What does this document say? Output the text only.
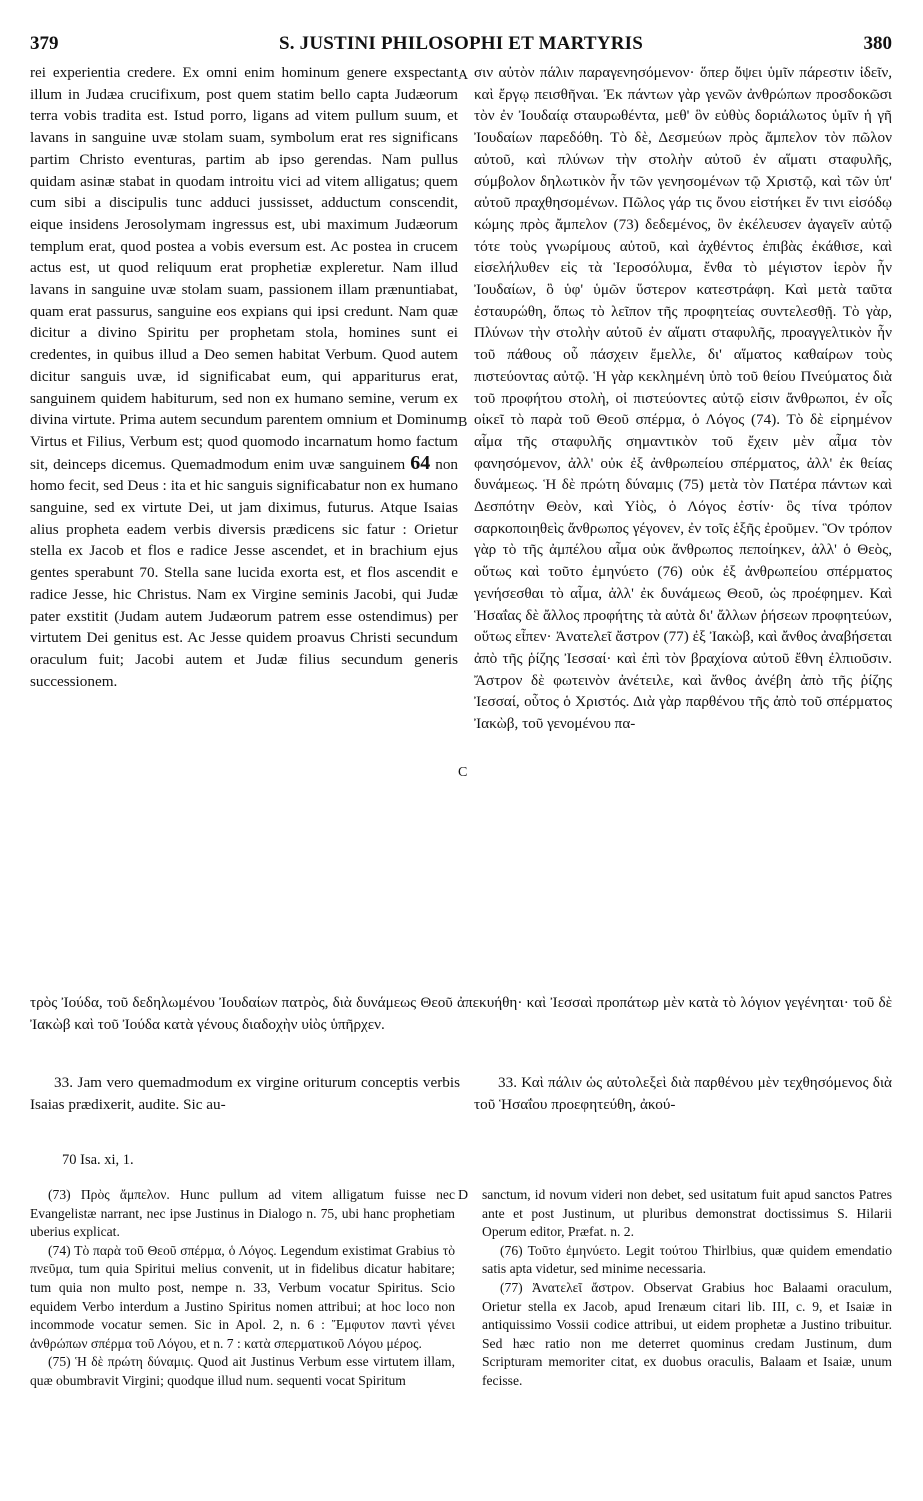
379	S. JUSTINI PHILOSOPHI ET MARTYRIS	380

rei experientia credere. Ex omni enim hominum genere exspectant illum in Judæa crucifixum, post quem statim bello capta Judæorum terra vobis tradita est. Istud porro, ligans ad vitem pullum suum, et lavans in sanguine uvæ stolam suam, symbolum erat res significans partim Christo eventuras, partim ab ipso gerendas. Nam pullus quidam asinæ stabat in quodam introitu vici ad vitem alligatus; quem cum sibi a discipulis tunc adduci jussisset, adductum conscendit, eique insidens Jerosolymam ingressus est, ubi maximum Judæorum templum erat, quod postea a vobis eversum est. Ac postea in crucem actus est, ut quod reliquum erat prophetiæ expleretur. Nam illud lavans in sanguine uvæ stolam suam, passionem illam prænuntiabat, quam erat passurus, sanguine eos expians qui ipsi credunt. Nam quæ dicitur a divino Spiritu per prophetam stola, homines sunt ei credentes, in quibus illud a Deo semen habitat Verbum. Quod autem dicitur sanguis uvæ, id significabat eum, qui appariturus erat, sanguinem quidem habiturum, sed non ex humano semine, verum ex divina virtute. Prima autem secundum parentem omnium et Dominum Virtus et Filius, Verbum est; quod quomodo incarnatum homo factum sit, deinceps dicemus. Quemadmodum enim uvæ sanguinem 64 non homo fecit, sed Deus : ita et hic sanguis significabatur non ex humano sanguine, sed ex virtute Dei, ut jam diximus, futurus. Atque Isaias alius propheta eadem verbis diversis prædicens sic fatur : Orietur stella ex Jacob et flos e radice Jesse ascendet, et in brachium ejus gentes sperabunt 70. Stella sane lucida exorta est, et flos ascendit e radice Jesse, hic Christus. Nam ex Virgine seminis Jacobi, qui Judæ pater exstitit (Judam autem Judæorum patrem esse ostendimus) per virtutem Dei genitus est. Ac Jesse quidem proavus Christi secundum oraculum fuit; Jacobi autem et Judæ filius secundum generis successionem.

A
B
C
D

σιν αὐτὸν πάλιν παραγενησόμενον· ὅπερ ὄψει ὑμῖν πάρεστιν ἰδεῖν, καὶ ἔργῳ πεισθῆναι. Ἐκ πάντων γὰρ γενῶν ἀνθρώπων προσδοκῶσι τὸν ἐν Ἰουδαίᾳ σταυρωθέντα, μεθ' ὃν εὐθὺς δοριάλωτος ὑμῖν ἡ γῆ Ἰουδαίων παρεδόθη. Τὸ δὲ, Δεσμεύων πρὸς ἄμπελον τὸν πῶλον αὐτοῦ, καὶ πλύνων τὴν στολὴν αὐτοῦ ἐν αἵματι σταφυλῆς, σύμβολον δηλωτικὸν ἦν τῶν γενησομένων τῷ Χριστῷ, καὶ τῶν ὑπ' αὐτοῦ πραχθησομένων. Πῶλος γάρ τις ὄνου εἱστήκει ἔν τινι εἰσόδῳ κώμης πρὸς ἄμπελον (73) δεδεμένος, ὃν ἐκέλευσεν ἀγαγεῖν αὐτῷ τότε τοὺς γνωρίμους αὐτοῦ, καὶ ἀχθέντος ἐπιβὰς ἐκάθισε, καὶ εἰσελήλυθεν εἰς τὰ Ἱεροσόλυμα, ἔνθα τὸ μέγιστον ἱερὸν ἦν Ἰουδαίων, ὃ ὑφ' ὑμῶν ὕστερον κατεστράφη. Καὶ μετὰ ταῦτα ἐσταυρώθη, ὅπως τὸ λεῖπον τῆς προφητείας συντελεσθῇ. Τὸ γὰρ, Πλύνων τὴν στολὴν αὐτοῦ ἐν αἵματι σταφυλῆς, προαγγελτικὸν ἦν τοῦ πάθους οὗ πάσχειν ἔμελλε, δι' αἵματος καθαίρων τοὺς πιστεύοντας αὐτῷ. Ἡ γὰρ κεκλημένη ὑπὸ τοῦ θείου Πνεύματος διὰ τοῦ προφήτου στολὴ, οἱ πιστεύοντες αὐτῷ εἰσιν ἄνθρωποι, ἐν οἷς οἰκεῖ τὸ παρὰ τοῦ Θεοῦ σπέρμα, ὁ Λόγος (74). Τὸ δὲ εἰρημένον αἷμα τῆς σταφυλῆς σημαντικὸν τοῦ ἔχειν μὲν αἷμα τὸν φανησόμενον, ἀλλ' οὐκ ἐξ ἀνθρωπείου σπέρματος, ἀλλ' ἐκ θείας δυνάμεως. Ἡ δὲ πρώτη δύναμις (75) μετὰ τὸν Πατέρα πάντων καὶ Δεσπότην Θεὸν, καὶ Υἱὸς, ὁ Λόγος ἐστίν· ὃς τίνα τρόπον σαρκοποιηθεὶς ἄνθρωπος γέγονεν, ἐν τοῖς ἑξῆς ἐροῦμεν. Ὃν τρόπον γὰρ τὸ τῆς ἀμπέλου αἷμα οὐκ ἄνθρωπος πεποίηκεν, ἀλλ' ὁ Θεὸς, οὕτως καὶ τοῦτο ἐμηνύετο (76) οὐκ ἐξ ἀνθρωπείου σπέρματος γενήσεσθαι τὸ αἷμα, ἀλλ' ἐκ δυνάμεως Θεοῦ, ὡς προέφημεν. Καὶ Ἡσαΐας δὲ ἄλλος προφήτης τὰ αὐτὰ δι' ἄλλων ῥήσεων προφητεύων, οὕτως εἶπεν· Ἀνατελεῖ ἄστρον (77) ἐξ Ἰακὼβ, καὶ ἄνθος ἀναβήσεται ἀπὸ τῆς ῥίζης Ἰεσσαί· καὶ ἐπὶ τὸν βραχίονα αὐτοῦ ἔθνη ἐλπιοῦσιν. Ἄστρον δὲ φωτεινὸν ἀνέτειλε, καὶ ἄνθος ἀνέβη ἀπὸ τῆς ῥίζης Ἰεσσαί, οὗτος ὁ Χριστός. Διὰ γὰρ παρθένου τῆς ἀπὸ τοῦ σπέρματος Ἰακὼβ, τοῦ γενομένου πα-

τρὸς Ἰούδα, τοῦ δεδηλωμένου Ἰουδαίων πατρὸς, διὰ δυνάμεως Θεοῦ ἀπεκυήθη· καὶ Ἰεσσαὶ προπάτωρ μὲν κατὰ τὸ λόγιον γεγένηται· τοῦ δὲ Ἰακὼβ καὶ τοῦ Ἰούδα κατὰ γένους διαδοχὴν υἱὸς ὑπῆρχεν.
33. Jam vero quemadmodum ex virgine oriturum conceptis verbis Isaias prædixerit, audite. Sic au-
33. Καὶ πάλιν ὡς αὐτολεξεὶ διὰ παρθένου μὲν τεχθησόμενος διὰ τοῦ Ἡσαΐου προεφητεύθη, ἀκού-
70 Isa. xi, 1.

(73) Πρὸς ἄμπελον. Hunc pullum ad vitem alligatum fuisse nec Evangelistæ narrant, nec ipse Justinus in Dialogo n. 75, ubi hanc prophetiam uberius explicat.

(74) Τὸ παρὰ τοῦ Θεοῦ σπέρμα, ὁ Λόγος. Legendum existimat Grabius τὸ πνεῦμα, tum quia Spiritui melius convenit, ut in fidelibus dicatur habitare; tum quia non multo post, nempe n. 33, Verbum vocatur Spiritus. Scio equidem Verbo interdum a Justino Spiritus nomen attribui; at hoc loco non incommode vocatur semen. Sic in Apol. 2, n. 6 : Ἔμφυτον παντὶ γένει ἀνθρώπων σπέρμα τοῦ Λόγου, et n. 7 : κατὰ σπερματικοῦ Λόγου μέρος.

(75) Ἡ δὲ πρώτη δύναμις. Quod ait Justinus Verbum esse virtutem illam, quæ obumbravit Virgini; quodque illud num. sequenti vocat Spiritum

sanctum, id novum videri non debet, sed usitatum fuit apud sanctos Patres ante et post Justinum, ut pluribus demonstrat doctissimus S. Hilarii Operum editor, Præfat. n. 2.

(76) Τοῦτο ἐμηνύετο. Legit τούτου Thirlbius, quæ quidem emendatio satis apta videtur, sed minime necessaria.

(77) Ἀνατελεῖ ἄστρον. Observat Grabius hoc Balaami oraculum, Orietur stella ex Jacob, apud Irenæum citari lib. III, c. 9, et Isaiæ in antiquissimo Vossii codice attribui, ut eidem prophetæ a Justino tribuitur. Sed hæc ratio non me deterret quominus credam Justinum, dum Scripturam memoriter citat, ex duobus oraculis, Balaam et Isaiæ, unum fecisse.
